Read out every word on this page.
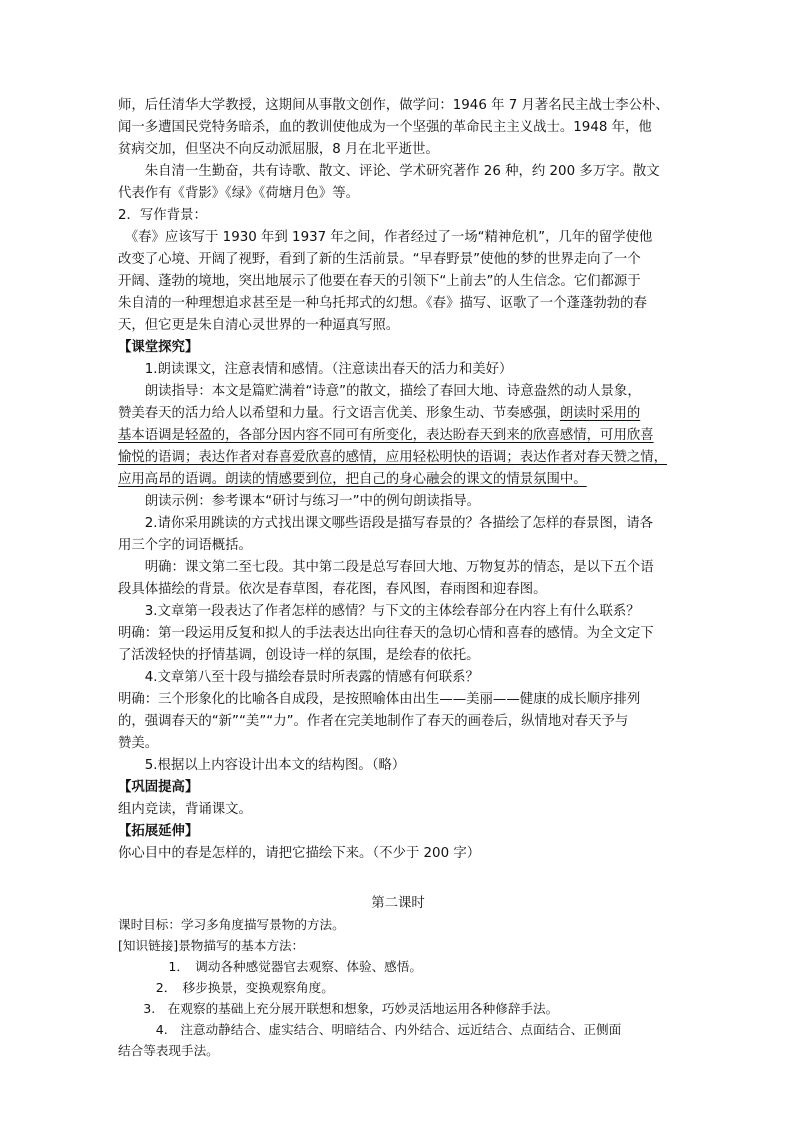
师，后任清华大学教授，这期间从事散文创作，做学问：1946 年 7 月著名民主战士李公朴、
闻一多遭国民党特务暗杀，血的教训使他成为一个坚强的革命民主主义战士。1948 年，他
贫病交加，但坚决不向反动派屈服，8 月在北平逝世。
　　朱自清一生勤奋，共有诗歌、散文、评论、学术研究著作 26 种，约 200 多万字。散文
代表作有《背影》《绿》《荷塘月色》等。
2．写作背景：
　《春》应该写于 1930 年到 1937 年之间，作者经过了一场“精神危机”，几年的留学使他
改变了心境、开阔了视野，看到了新的生活前景。“早春野景”使他的梦的世界走向了一个
开阔、蓬勃的境地，突出地展示了他要在春天的引领下“上前去”的人生信念。它们都源于
朱自清的一种理想追求甚至是一种乌托邦式的幻想。《春》描写、讴歌了一个蓬蓬勃勃的春
天，但它更是朱自清心灵世界的一种逼真写照。
【课堂探究】
　　1.朗读课文，注意表情和感情。（注意读出春天的活力和美好）
　　朗读指导：本文是篇贮满着“诗意”的散文，描绘了春回大地、诗意盎然的动人景象，
赞美春天的活力给人以希望和力量。行文语言优美、形象生动、节奏感强，朗读时采用的
基本语调是轻盈的，各部分因内容不同可有所变化，表达盼春天到来的欣喜感情，可用欣喜
愉悦的语调；表达作者对春喜爱欣喜的感情，应用轻松明快的语调；表达作者对春天赞之情，
应用高昂的语调。朗读的情感要到位，把自己的身心融会的课文的情景氛围中。
　　朗读示例：参考课本“研讨与练习一”中的例句朗读指导。
　　2.请你采用跳读的方式找出课文哪些语段是描写春景的？各描绘了怎样的春景图，请各
用三个字的词语概括。
　　明确：课文第二至七段。其中第二段是总写春回大地、万物复苏的情态，是以下五个语
段具体描绘的背景。依次是春草图，春花图，春风图，春雨图和迎春图。
　　3.文章第一段表达了作者怎样的感情？与下文的主体绘春部分在内容上有什么联系？
明确：第一段运用反复和拟人的手法表达出向往春天的急切心情和喜春的感情。为全文定下
了活泼轻快的抒情基调，创设诗一样的氛围，是绘春的依托。
　　4.文章第八至十段与描绘春景时所表露的情感有何联系？
明确：三个形象化的比喻各自成段，是按照喻体由出生——美丽——健康的成长顺序排列
的，强调春天的“新”“美”“力”。作者在完美地制作了春天的画卷后，纵情地对春天予与
赞美。
　　5.根据以上内容设计出本文的结构图。（略）
【巩固提高】
组内竞读，背诵课文。
【拓展延伸】
你心目中的春是怎样的，请把它描绘下来。（不少于 200 字）
第二课时
课时目标：学习多角度描写景物的方法。
[知识链接]景物描写的基本方法：
　　　　1．　调动各种感觉器官去观察、体验、感悟。
　　　2．　移步换景，变换观察角度。
　　3.　在观察的基础上充分展开联想和想象，巧妙灵活地运用各种修辞手法。
　　　4.　注意动静结合、虚实结合、明暗结合、内外结合、远近结合、点面结合、正侧面
结合等表现手法。
